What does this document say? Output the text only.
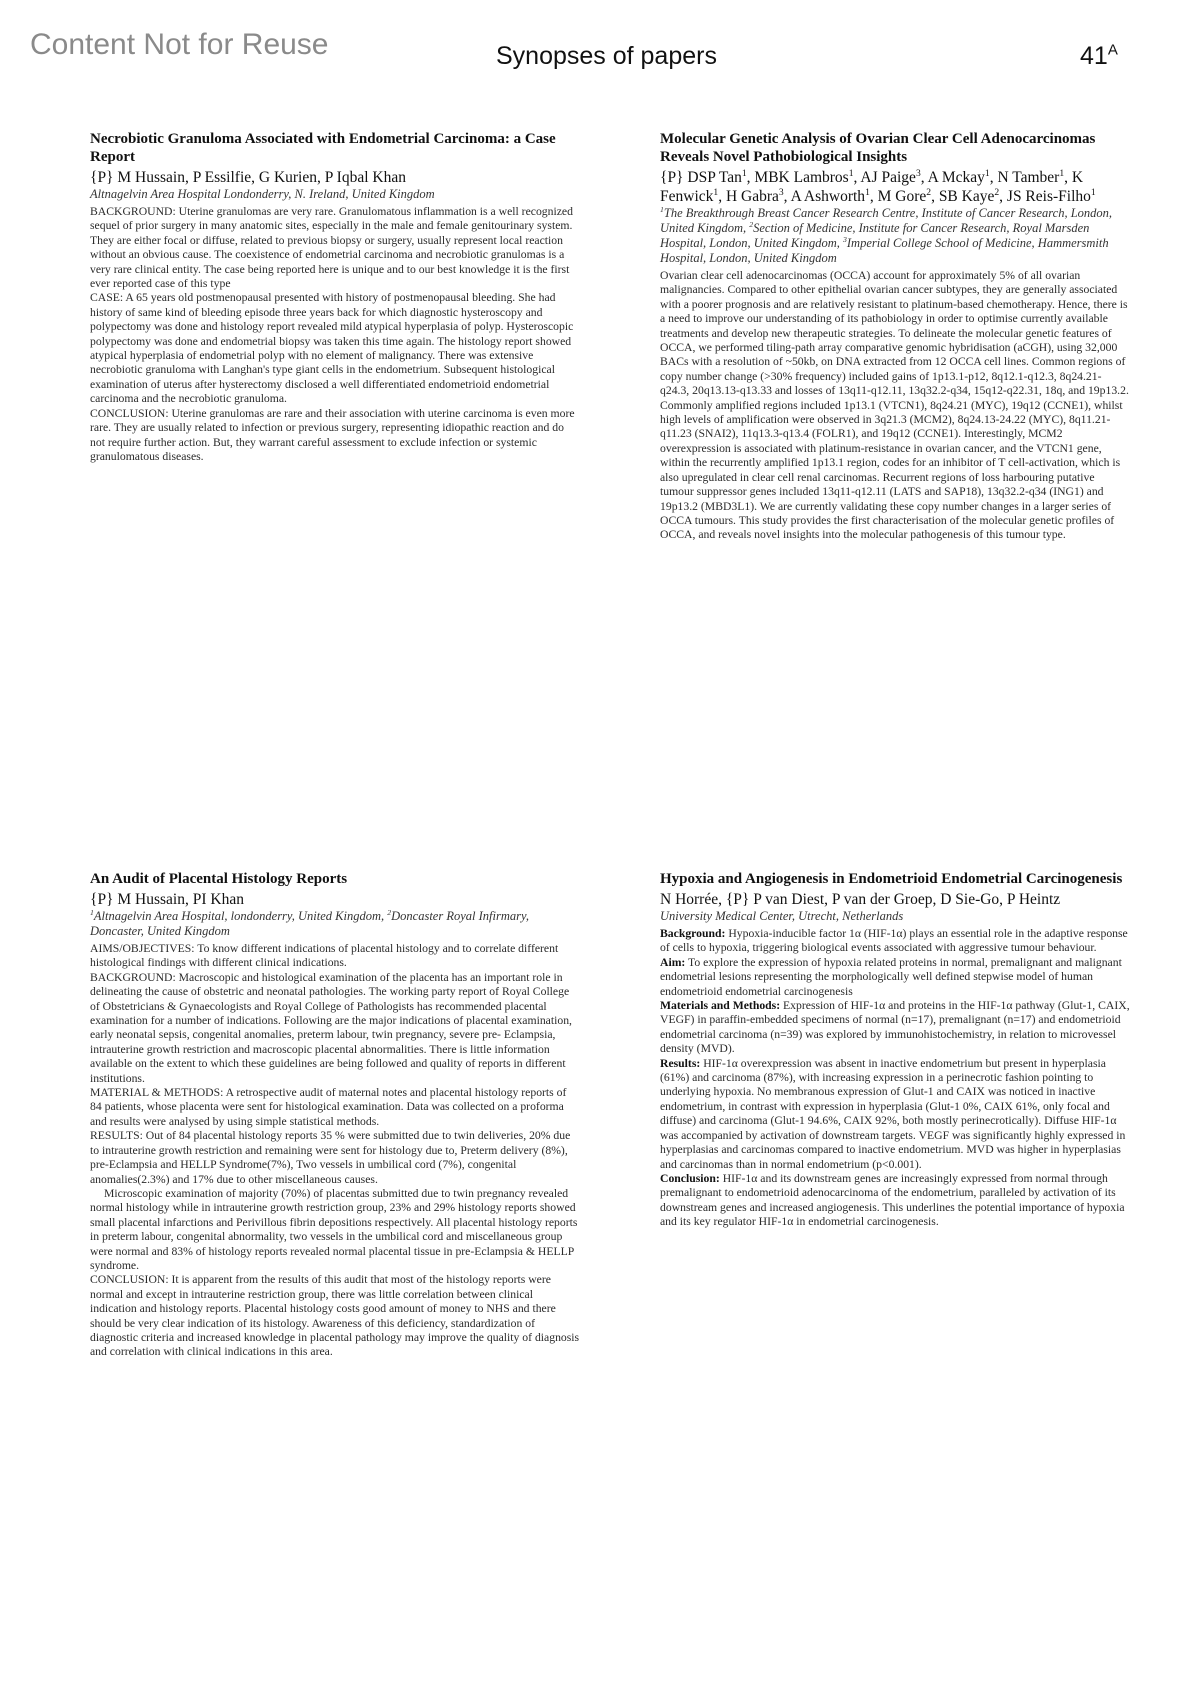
Content Not for Reuse	Synopses of papers	$41^A$

Necrobiotic Granuloma Associated with Endometrial Carcinoma: a Case Report

{P} M Hussain, P Essilfie, G Kurien, P Iqbal Khan

Altnagelvin Area Hospital Londonderry, N. Ireland, United Kingdom

BACKGROUND: Uterine granulomas are very rare. Granulomatous inflammation is a well recognized sequel of prior surgery in many anatomic sites, especially in the male and female genitourinary system. They are either focal or diffuse, related to previous biopsy or surgery, usually represent local reaction without an obvious cause. The coexistence of endometrial carcinoma and necrobiotic granulomas is a very rare clinical entity. The case being reported here is unique and to our best knowledge it is the first ever reported case of this type

CASE: A 65 years old postmenopausal presented with history of postmenopausal bleeding. She had history of same kind of bleeding episode three years back for which diagnostic hysteroscopy and polypectomy was done and histology report revealed mild atypical hyperplasia of polyp. Hysteroscopic polypectomy was done and endometrial biopsy was taken this time again. The histology report showed atypical hyperplasia of endometrial polyp with no element of malignancy. There was extensive necrobiotic granuloma with Langhan's type giant cells in the endometrium. Subsequent histological examination of uterus after hysterectomy disclosed a well differentiated endometrioid endometrial carcinoma and the necrobiotic granuloma.

CONCLUSION: Uterine granulomas are rare and their association with uterine carcinoma is even more rare. They are usually related to infection or previous surgery, representing idiopathic reaction and do not require further action. But, they warrant careful assessment to exclude infection or systemic granulomatous diseases.

Molecular Genetic Analysis of Ovarian Clear Cell Adenocarcinomas Reveals Novel Pathobiological Insights

{P} DSP Tan$^1$, MBK Lambros$^1$, AJ Paige$^3$, A Mckay$^1$, N Tamber$^1$, K Fenwick$^1$, H Gabra$^3$, A Ashworth$^1$, M Gore$^2$, SB Kaye$^2$, JS Reis-Filho$^1$

$^1$The Breakthrough Breast Cancer Research Centre, Institute of Cancer Research, London, United Kingdom, $^2$Section of Medicine, Institute for Cancer Research, Royal Marsden Hospital, London, United Kingdom, $^3$Imperial College School of Medicine, Hammersmith Hospital, London, United Kingdom

Ovarian clear cell adenocarcinomas (OCCA) account for approximately 5% of all ovarian malignancies. Compared to other epithelial ovarian cancer subtypes, they are generally associated with a poorer prognosis and are relatively resistant to platinum-based chemotherapy. Hence, there is a need to improve our understanding of its pathobiology in order to optimise currently available treatments and develop new therapeutic strategies. To delineate the molecular genetic features of OCCA, we performed tiling-path array comparative genomic hybridisation (aCGH), using 32,000 BACs with a resolution of ~50kb, on DNA extracted from 12 OCCA cell lines. Common regions of copy number change (>30% frequency) included gains of 1p13.1-p12, 8q12.1-q12.3, 8q24.21-q24.3, 20q13.13-q13.33 and losses of 13q11-q12.11, 13q32.2-q34, 15q12-q22.31, 18q, and 19p13.2. Commonly amplified regions included 1p13.1 (VTCN1), 8q24.21 (MYC), 19q12 (CCNE1), whilst high levels of amplification were observed in 3q21.3 (MCM2), 8q24.13-24.22 (MYC), 8q11.21-q11.23 (SNAI2), 11q13.3-q13.4 (FOLR1), and 19q12 (CCNE1). Interestingly, MCM2 overexpression is associated with platinum-resistance in ovarian cancer, and the VTCN1 gene, within the recurrently amplified 1p13.1 region, codes for an inhibitor of T cell-activation, which is also upregulated in clear cell renal carcinomas. Recurrent regions of loss harbouring putative tumour suppressor genes included 13q11-q12.11 (LATS and SAP18), 13q32.2-q34 (ING1) and 19p13.2 (MBD3L1). We are currently validating these copy number changes in a larger series of OCCA tumours. This study provides the first characterisation of the molecular genetic profiles of OCCA, and reveals novel insights into the molecular pathogenesis of this tumour type.

An Audit of Placental Histology Reports

{P} M Hussain, PI Khan

$^1$Altnagelvin Area Hospital, londonderry, United Kingdom, $^2$Doncaster Royal Infirmary, Doncaster, United Kingdom

AIMS/OBJECTIVES: To know different indications of placental histology and to correlate different histological findings with different clinical indications.

BACKGROUND: Macroscopic and histological examination of the placenta has an important role in delineating the cause of obstetric and neonatal pathologies. The working party report of Royal College of Obstetricians & Gynaecologists and Royal College of Pathologists has recommended placental examination for a number of indications. Following are the major indications of placental examination, early neonatal sepsis, congenital anomalies, preterm labour, twin pregnancy, severe pre- Eclampsia, intrauterine growth restriction and macroscopic placental abnormalities. There is little information available on the extent to which these guidelines are being followed and quality of reports in different institutions.

MATERIAL & METHODS: A retrospective audit of maternal notes and placental histology reports of 84 patients, whose placenta were sent for histological examination. Data was collected on a proforma and results were analysed by using simple statistical methods.

RESULTS: Out of 84 placental histology reports 35 % were submitted due to twin deliveries, 20% due to intrauterine growth restriction and remaining were sent for histology due to, Preterm delivery (8%), pre-Eclampsia and HELLP Syndrome(7%), Two vessels in umbilical cord (7%), congenital anomalies(2.3%) and 17% due to other miscellaneous causes.

Microscopic examination of majority (70%) of placentas submitted due to twin pregnancy revealed normal histology while in intrauterine growth restriction group, 23% and 29% histology reports showed small placental infarctions and Perivillous fibrin depositions respectively. All placental histology reports in preterm labour, congenital abnormality, two vessels in the umbilical cord and miscellaneous group were normal and 83% of histology reports revealed normal placental tissue in pre-Eclampsia & HELLP syndrome.

CONCLUSION: It is apparent from the results of this audit that most of the histology reports were normal and except in intrauterine restriction group, there was little correlation between clinical indication and histology reports. Placental histology costs good amount of money to NHS and there should be very clear indication of its histology. Awareness of this deficiency, standardization of diagnostic criteria and increased knowledge in placental pathology may improve the quality of diagnosis and correlation with clinical indications in this area.

Hypoxia and Angiogenesis in Endometrioid Endometrial Carcinogenesis

N Horrée, {P} P van Diest, P van der Groep, D Sie-Go, P Heintz

University Medical Center, Utrecht, Netherlands

Background: Hypoxia-inducible factor 1α (HIF-1α) plays an essential role in the adaptive response of cells to hypoxia, triggering biological events associated with aggressive tumour behaviour.

Aim: To explore the expression of hypoxia related proteins in normal, premalignant and malignant endometrial lesions representing the morphologically well defined stepwise model of human endometrioid endometrial carcinogenesis

Materials and Methods: Expression of HIF-1α and proteins in the HIF-1α pathway (Glut-1, CAIX, VEGF) in paraffin-embedded specimens of normal (n=17), premalignant (n=17) and endometrioid endometrial carcinoma (n=39) was explored by immunohistochemistry, in relation to microvessel density (MVD).

Results: HIF-1α overexpression was absent in inactive endometrium but present in hyperplasia (61%) and carcinoma (87%), with increasing expression in a perinecrotic fashion pointing to underlying hypoxia. No membranous expression of Glut-1 and CAIX was noticed in inactive endometrium, in contrast with expression in hyperplasia (Glut-1 0%, CAIX 61%, only focal and diffuse) and carcinoma (Glut-1 94.6%, CAIX 92%, both mostly perinecrotically). Diffuse HIF-1α was accompanied by activation of downstream targets. VEGF was significantly highly expressed in hyperplasias and carcinomas compared to inactive endometrium. MVD was higher in hyperplasias and carcinomas than in normal endometrium (p<0.001).

Conclusion: HIF-1α and its downstream genes are increasingly expressed from normal through premalignant to endometrioid adenocarcinoma of the endometrium, paralleled by activation of its downstream genes and increased angiogenesis. This underlines the potential importance of hypoxia and its key regulator HIF-1α in endometrial carcinogenesis.
